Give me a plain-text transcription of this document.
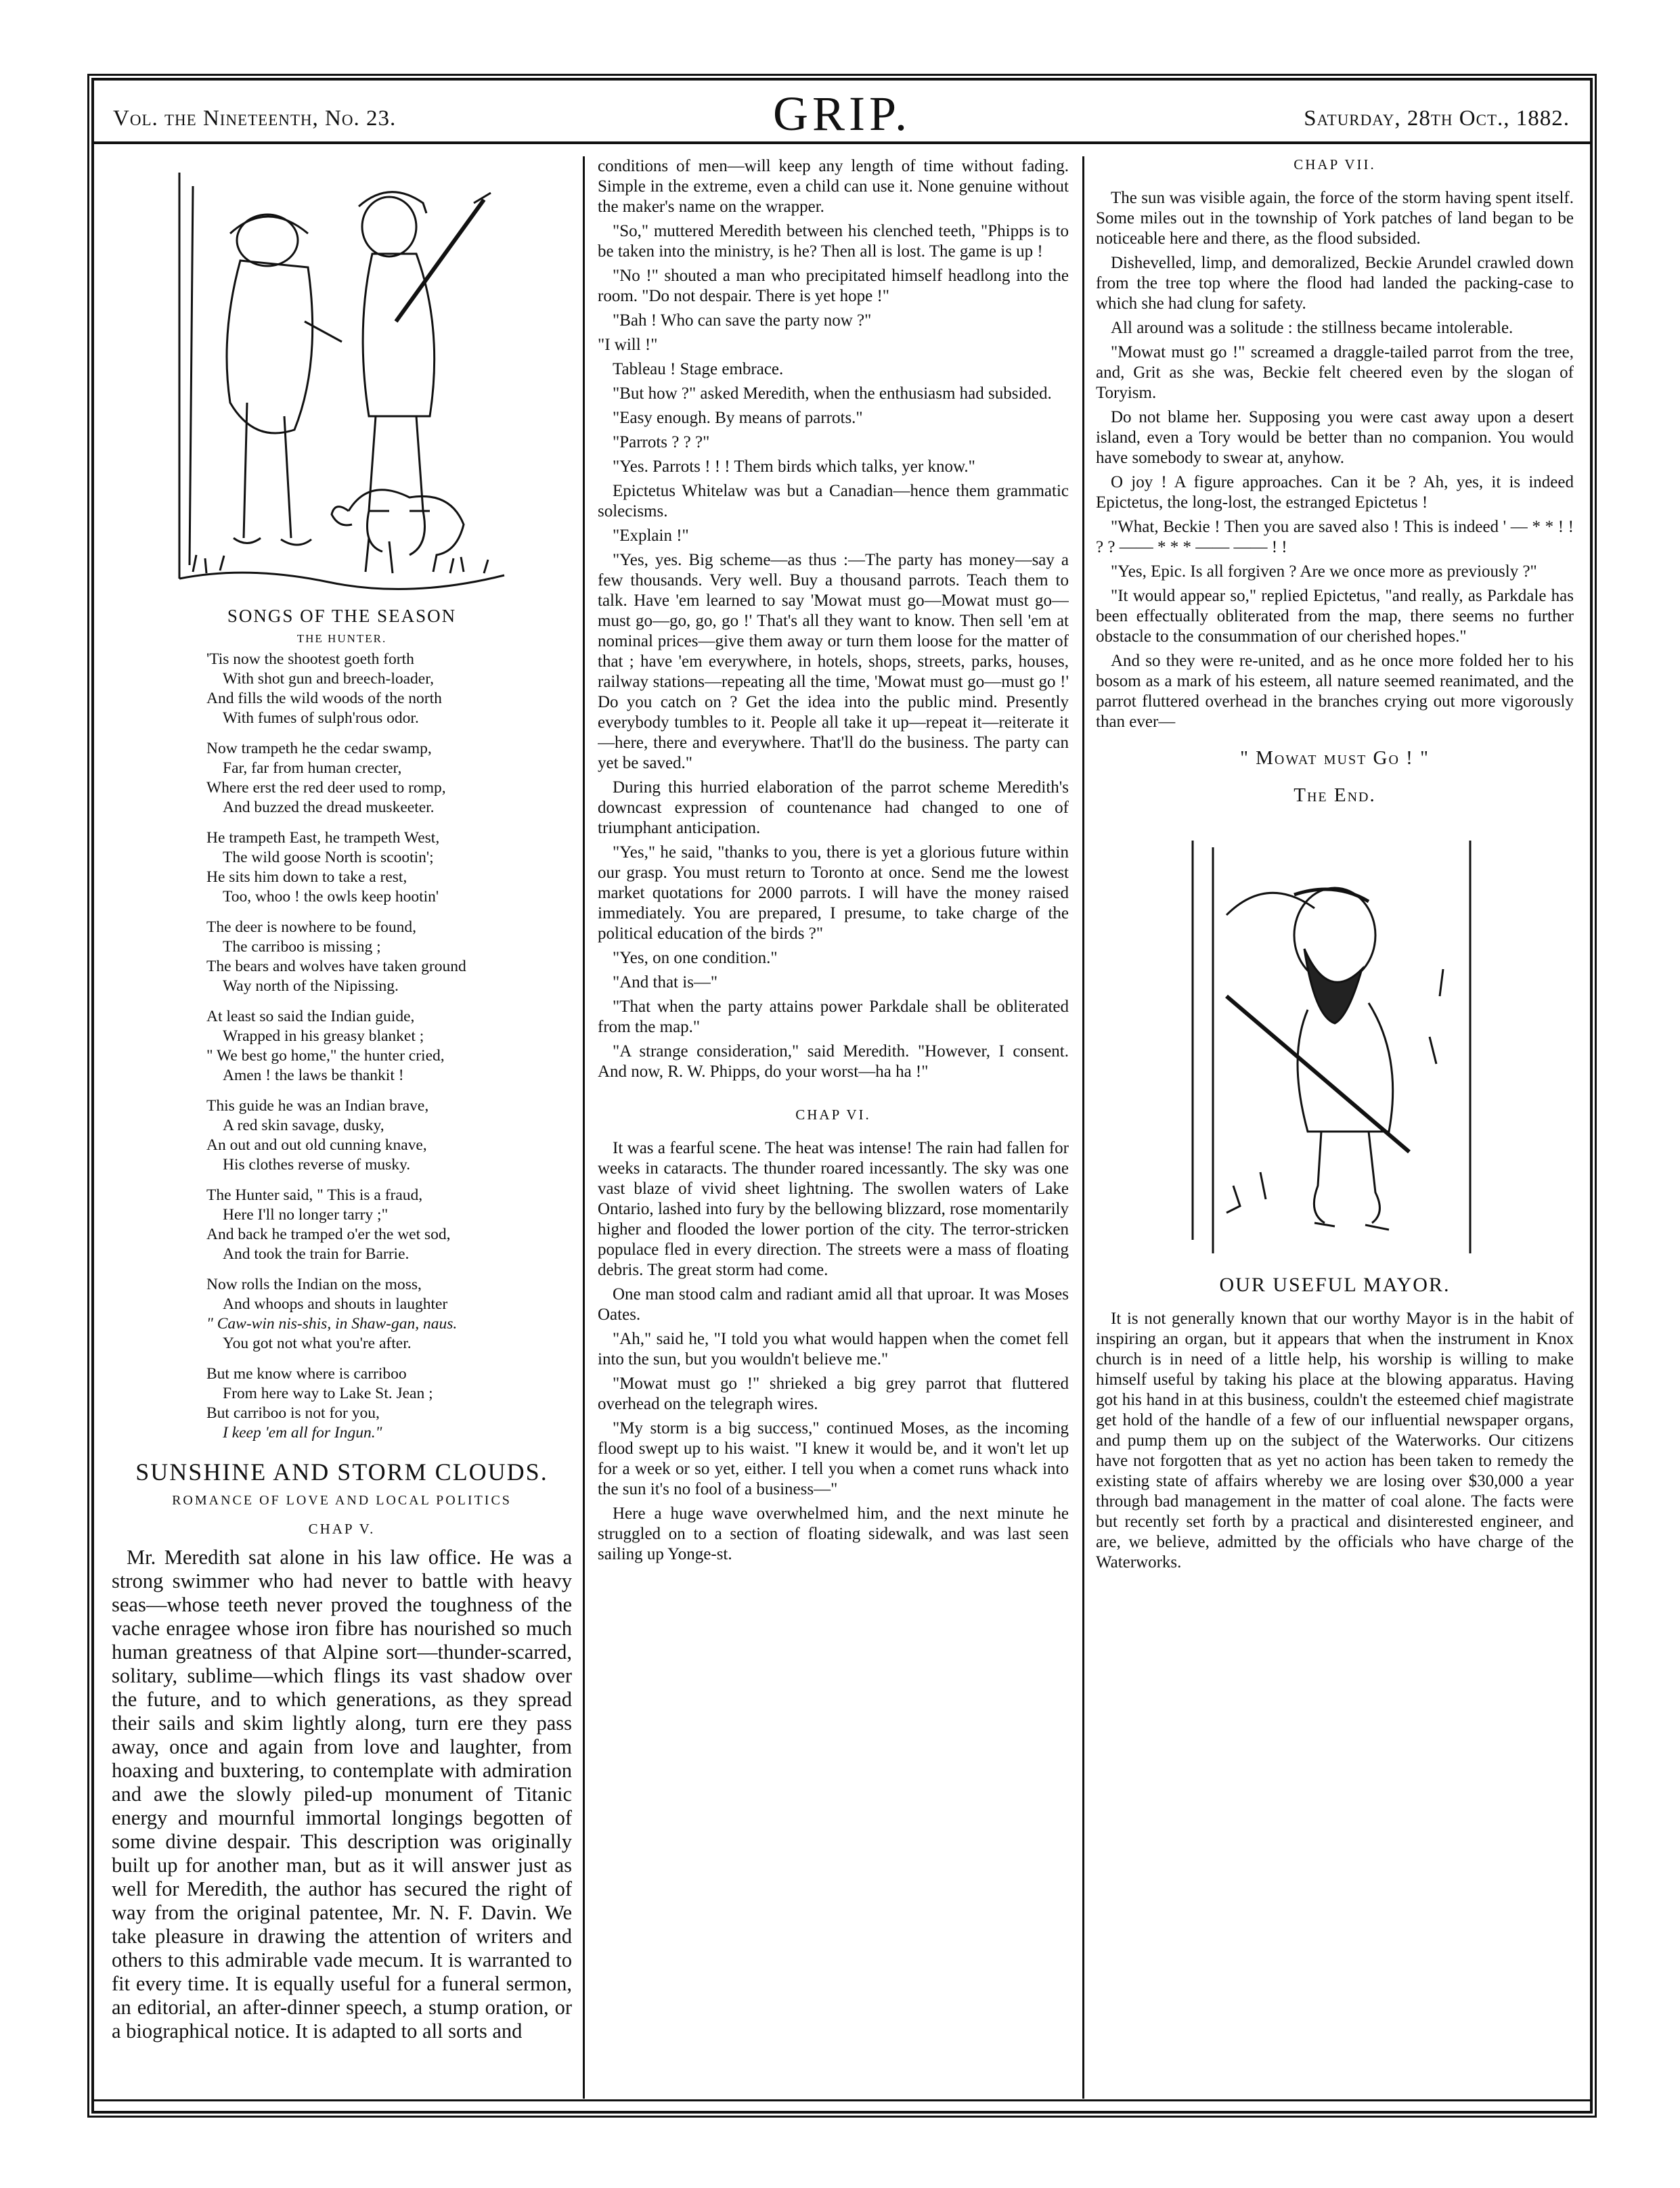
Vol. the Nineteenth, No. 23.	GRIP.	Saturday, 28th Oct., 1882.
SONGS OF THE SEASON
THE HUNTER.
'Tis now the shootest goeth forth
With shot gun and breech-loader,
And fills the wild woods of the north
With fumes of sulph'rous odor.
Now trampeth he the cedar swamp,
Far, far from human crecter,
Where erst the red deer used to romp,
And buzzed the dread muskeeter.
He trampeth East, he trampeth West,
The wild goose North is scootin';
He sits him down to take a rest,
Too, whoo ! the owls keep hootin'
The deer is nowhere to be found,
The carriboo is missing ;
The bears and wolves have taken ground
Way north of the Nipissing.
At least so said the Indian guide,
Wrapped in his greasy blanket ;
" We best go home," the hunter cried,
Amen ! the laws be thankit !
This guide he was an Indian brave,
A red skin savage, dusky,
An out and out old cunning knave,
His clothes reverse of musky.
The Hunter said, " This is a fraud,
Here I'll no longer tarry ;"
And back he tramped o'er the wet sod,
And took the train for Barrie.
Now rolls the Indian on the moss,
And whoops and shouts in laughter
" Caw-win nis-shis, in Shaw-gan, naus.
You got not what you're after.
But me know where is carriboo
From here way to Lake St. Jean ;
But carriboo is not for you,
I keep 'em all for Ingun."
SUNSHINE AND STORM CLOUDS.
ROMANCE OF LOVE AND LOCAL POLITICS
CHAP V.

Mr. Meredith sat alone in his law office. He was a strong swimmer who had never to battle with heavy seas—whose teeth never proved the toughness of the vache enragee whose iron fibre has nourished so much human greatness of that Alpine sort—thunder-scarred, solitary, sublime—which flings its vast shadow over the future, and to which generations, as they spread their sails and skim lightly along, turn ere they pass away, once and again from love and laughter, from hoaxing and buxtering, to contemplate with admiration and awe the slowly piled-up monument of Titanic energy and mournful immortal longings begotten of some divine despair. This description was originally built up for another man, but as it will answer just as well for Meredith, the author has secured the right of way from the original patentee, Mr. N. F. Davin. We take pleasure in drawing the attention of writers and others to this admirable vade mecum. It is warranted to fit every time. It is equally useful for a funeral sermon, an editorial, an after-dinner speech, a stump oration, or a biographical notice. It is adapted to all sorts and

conditions of men—will keep any length of time without fading. Simple in the extreme, even a child can use it. None genuine without the maker's name on the wrapper.

"So," muttered Meredith between his clenched teeth, "Phipps is to be taken into the ministry, is he? Then all is lost. The game is up !

"No !" shouted a man who precipitated himself headlong into the room. "Do not despair. There is yet hope !"

"Bah ! Who can save the party now ?"

"I will !"

Tableau ! Stage embrace.

"But how ?" asked Meredith, when the enthusiasm had subsided.

"Easy enough. By means of parrots."

"Parrots ? ? ?"

"Yes. Parrots ! ! ! Them birds which talks, yer know."

Epictetus Whitelaw was but a Canadian—hence them grammatic solecisms.

"Explain !"

"Yes, yes. Big scheme—as thus :—The party has money—say a few thousands. Very well. Buy a thousand parrots. Teach them to talk. Have 'em learned to say 'Mowat must go—Mowat must go—must go—go, go, go !' That's all they want to know. Then sell 'em at nominal prices—give them away or turn them loose for the matter of that ; have 'em everywhere, in hotels, shops, streets, parks, houses, railway stations—repeating all the time, 'Mowat must go—must go !' Do you catch on ? Get the idea into the public mind. Presently everybody tumbles to it. People all take it up—repeat it—reiterate it—here, there and everywhere. That'll do the business. The party can yet be saved."

During this hurried elaboration of the parrot scheme Meredith's downcast expression of countenance had changed to one of triumphant anticipation.

"Yes," he said, "thanks to you, there is yet a glorious future within our grasp. You must return to Toronto at once. Send me the lowest market quotations for 2000 parrots. I will have the money raised immediately. You are prepared, I presume, to take charge of the political education of the birds ?"

"Yes, on one condition."

"And that is—"

"That when the party attains power Parkdale shall be obliterated from the map."

"A strange consideration," said Meredith. "However, I consent. And now, R. W. Phipps, do your worst—ha ha !"

CHAP VI.

It was a fearful scene. The heat was intense! The rain had fallen for weeks in cataracts. The thunder roared incessantly. The sky was one vast blaze of vivid sheet lightning. The swollen waters of Lake Ontario, lashed into fury by the bellowing blizzard, rose momentarily higher and flooded the lower portion of the city. The terror-stricken populace fled in every direction. The streets were a mass of floating debris. The great storm had come.

One man stood calm and radiant amid all that uproar. It was Moses Oates.

"Ah," said he, "I told you what would happen when the comet fell into the sun, but you wouldn't believe me."

"Mowat must go !" shrieked a big grey parrot that fluttered overhead on the telegraph wires.

"My storm is a big success," continued Moses, as the incoming flood swept up to his waist. "I knew it would be, and it won't let up for a week or so yet, either. I tell you when a comet runs whack into the sun it's no fool of a business—"

Here a huge wave overwhelmed him, and the next minute he struggled on to a section of floating sidewalk, and was last seen sailing up Yonge-st.

CHAP VII.

The sun was visible again, the force of the storm having spent itself. Some miles out in the township of York patches of land began to be noticeable here and there, as the flood subsided.

Dishevelled, limp, and demoralized, Beckie Arundel crawled down from the tree top where the flood had landed the packing-case to which she had clung for safety.

All around was a solitude : the stillness became intolerable.

"Mowat must go !" screamed a draggle-tailed parrot from the tree, and, Grit as she was, Beckie felt cheered even by the slogan of Toryism.

Do not blame her. Supposing you were cast away upon a desert island, even a Tory would be better than no companion. You would have somebody to swear at, anyhow.

O joy ! A figure approaches. Can it be ? Ah, yes, it is indeed Epictetus, the long-lost, the estranged Epictetus !

"What, Beckie ! Then you are saved also ! This is indeed ' — * * ! ! ? ? —— * * * —— —— ! !

"Yes, Epic. Is all forgiven ? Are we once more as previously ?"

"It would appear so," replied Epictetus, "and really, as Parkdale has been effectually obliterated from the map, there seems no further obstacle to the consummation of our cherished hopes."

And so they were re-united, and as he once more folded her to his bosom as a mark of his esteem, all nature seemed reanimated, and the parrot fluttered overhead in the branches crying out more vigorously than ever—

" Mowat must Go ! "
The End.
OUR USEFUL MAYOR.

It is not generally known that our worthy Mayor is in the habit of inspiring an organ, but it appears that when the instrument in Knox church is in need of a little help, his worship is willing to make himself useful by taking his place at the blowing apparatus. Having got his hand in at this business, couldn't the esteemed chief magistrate get hold of the handle of a few of our influential newspaper organs, and pump them up on the subject of the Waterworks. Our citizens have not forgotten that as yet no action has been taken to remedy the existing state of affairs whereby we are losing over $30,000 a year through bad management in the matter of coal alone. The facts were but recently set forth by a practical and disinterested engineer, and are, we believe, admitted by the officials who have charge of the Waterworks.
